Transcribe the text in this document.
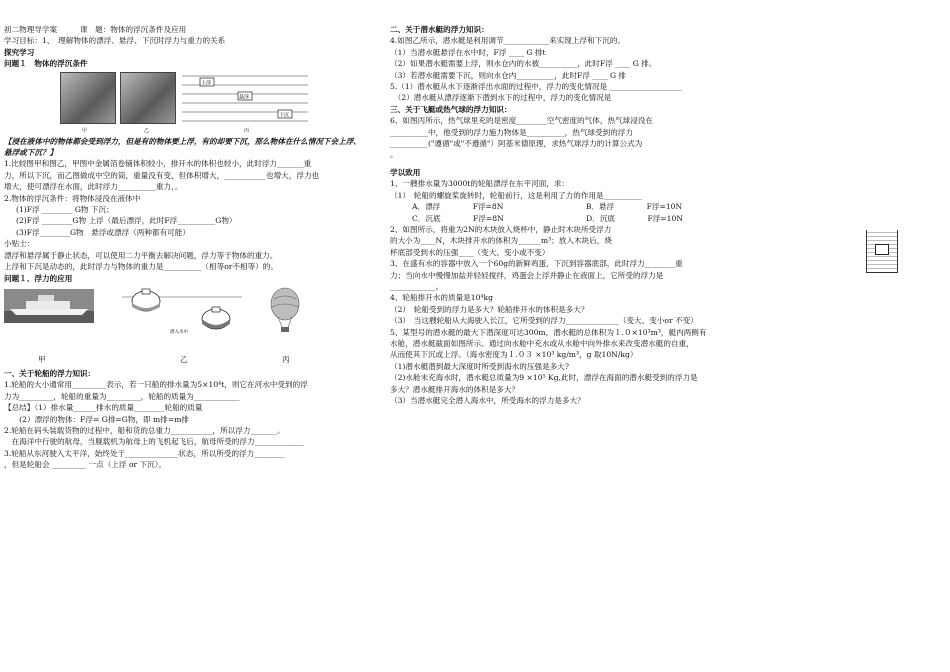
初二物理导学案　　　课　题：物体的浮沉条件及应用
学习目标：1、　理解物体的漂浮、悬浮、下沉时浮力与重力的关系
探究学习
问题１　物体的浮沉条件
上浮
悬浮
下沉
甲	乙	丙
【浸在液体中的物体都会受到浮力，但是有的物体要上浮，有的却要下沉，那么物体在什么情况下会上浮、悬浮或下沉？】
1.比较图甲和图乙，甲图中金属箔卷铺体积较小，排开水的体积也较小，此时浮力_______重
力，所以下沉，而乙图做成中空的筒，重量没有变，但体积增大，___________也增大，浮力也
增大，使可漂浮在水面，此时浮力__________重力，。
2.物体的浮沉条件：将物体浸没在液体中
(1)F浮 ________ G物 下沉；
(2)F浮 ________G物 上浮（最后漂浮，此时F浮__________G物）
(3)F浮________G物　悬浮或漂浮（两种都有可能）
小贴士：
漂浮和悬浮属于静止状态，可以使用二力平衡去解决问题，浮力等于物体的重力。
上浮和下沉是动态的，此时浮力与物体的重力是__________（相等or不相等）的。
问题１、浮力的应用
潜入水中
甲	乙	丙
一、关于轮船的浮力知识：
1.轮船的大小通常用_________表示，若一只船的排水量为5×10⁴t，则它在河水中受到的浮
力为_________，轮船的重量为_________，轮船的质量为____________
【总结】（1）排水量______排水的质量________轮船的质量
　　(2）漂浮的物体：F浮= G排=G物，即 m排=m排
2.轮船在码头装载货物的过程中，船和货的总重力___________，所以浮力_______。
　在海洋中行驶的航母，当舰载机为航母上的飞机起飞后，航母所受的浮力_____________
3.轮船从东河驶入太平洋，始终处于______________状态，所以所受的浮力________
，但是轮船会 _________ 一点（上浮 or 下沉）。
二、关于潜水艇的浮力知识：
4.如图乙所示，潜水艇是利用调节____________来实现上浮和下沉的。
（1）当潜水艇悬浮在水中时，F浮 ____ G 排t
（2）如果潜水艇需要上浮，则水仓内的水被__________，此时F浮 ____ G 排。
（3）若潜水艇需要下沉，则向水仓内__________，此时F浮 ____ G 排
5.（1）潜水艇从水下逐渐浮出水面的过程中，浮力的变化情况是 ___________________
　（2）潜水艇从漂浮逐渐下潜到水下的过程中，浮力的变化情况是
三、关于飞艇或热气球的浮力知识：
6、如图丙所示，热气球里充的是密度________空气密度的气体，热气球浸没在
__________中，他受到的浮力施力物体是__________，热气球受到的浮力
__________("遵循"或"不遵循"）阿基米德原理，求热气球浮力的计算公式为
。
学以致用
1、一艘排水量为3000t的轮船漂浮在东平河面，求：
（1）　轮船的螺旋桨旋转时，轮船前行，这是利用了力的作用是__________
A．漂浮	F浮=8N	B．悬浮	F浮=10N
C．沉底	F浮=8N	D．沉底	F浮=10N
2、如图所示，将重为2N的木块放入烧杯中，静止时木块所受浮力
的大小为____N，木块排开水的体积为______m³；放入木块后，烧
杯底部受到水的压强____（变大、变小或不变）
3、在盛有水的容器中放入一个60g的新鲜鸡蛋，下沉到容器底部，此时浮力________重
力；当向水中慢慢加盐并轻轻搅拌，鸡蛋会上浮并静止在液面上，它所受的浮力是
____________。
4、轮船排开水的质量是10⁴kg
（2）　轮船受到的浮力是多大？轮船排开水的体积是多大？
（3）　当这艘轮船从大海驶入长江，它所受到的浮力______________（变大、变小or 不变）
5、某型号的潜水艇的最大下潜深度可达300m，潜水艇的总体积为１.０×10³m³，艇内两侧有
水舱，潜水艇截面如图所示。通过向水舱中充水或从水舱中向外排水来改变潜水艇的自重，
从而使其下沉或上浮。（海水密度为１.０３ ×10³ kg/m³，g 取10N/kg）
（1)潜水艇潜到最大深度时所受到海水的压强是多大?
（2)水舱未充海水时，潜水艇总质量为9 ×10⁵ Kg,此时，漂浮在海面的潜水艇受到的浮力是
多大？潜水艇排开海水的体积是多大？
（3）当潜水艇完全潜人海水中，所受海水的浮力是多大？
